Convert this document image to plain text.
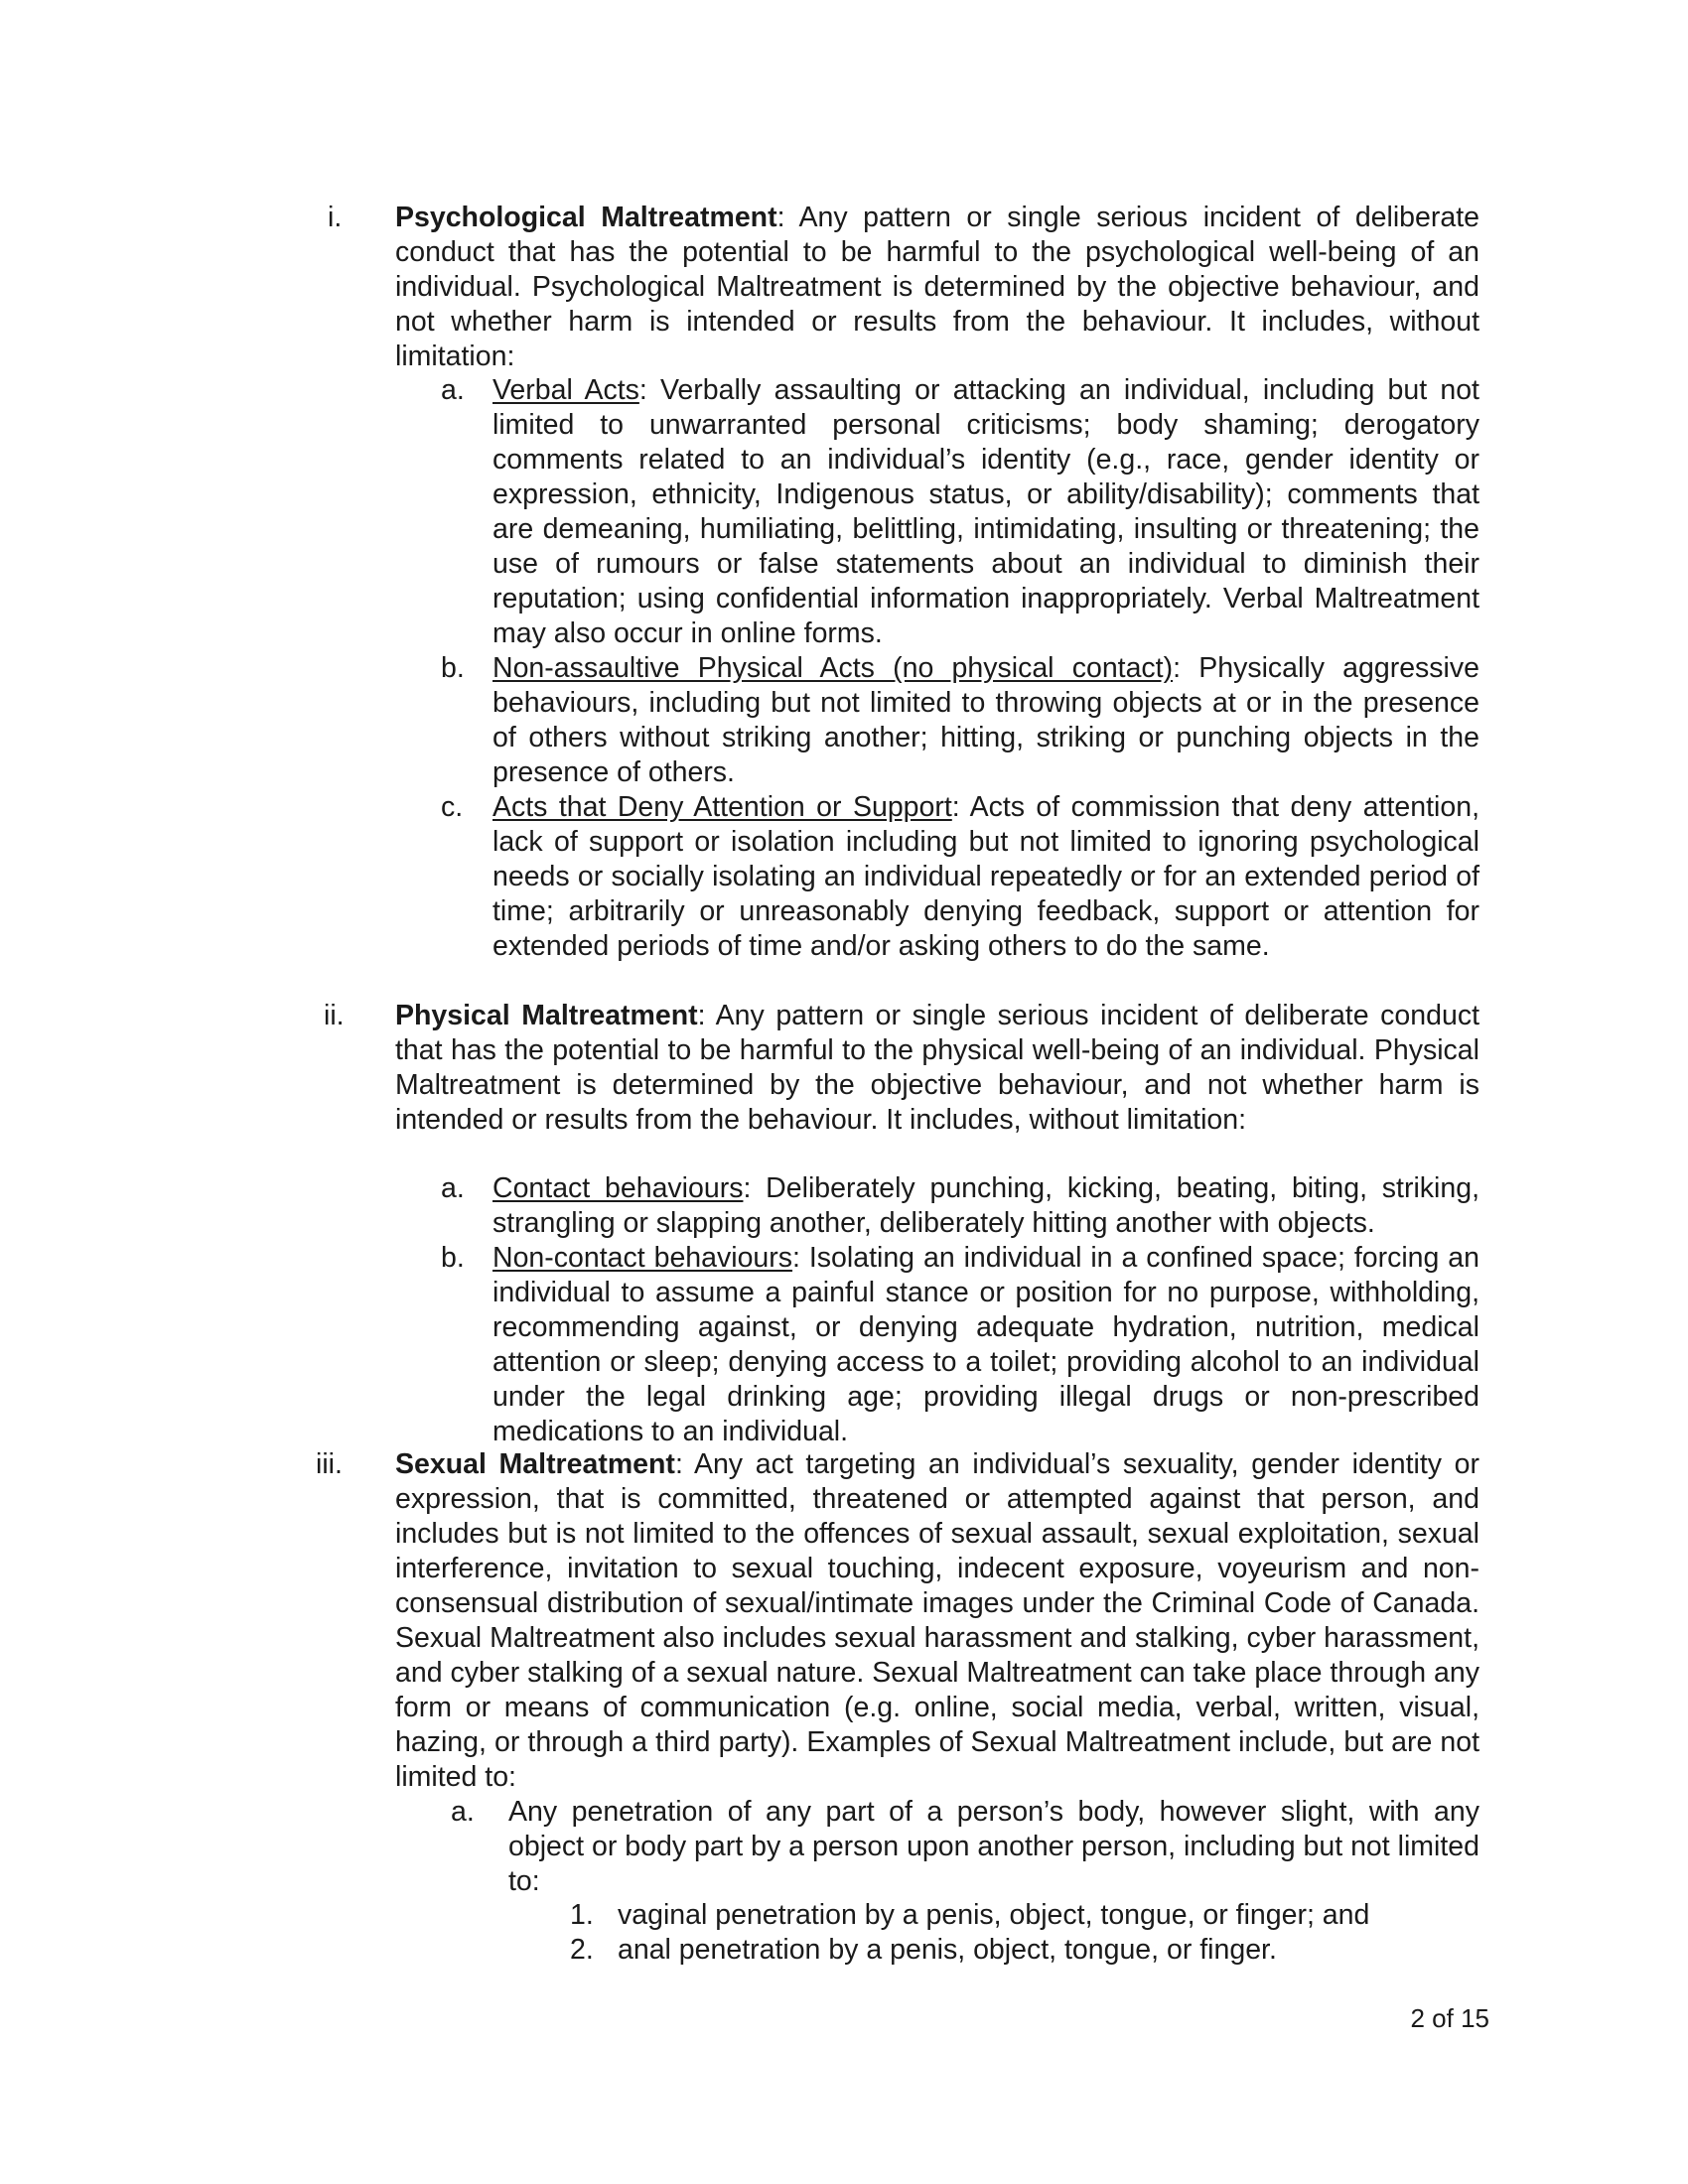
i. Psychological Maltreatment: Any pattern or single serious incident of deliberate conduct that has the potential to be harmful to the psychological well-being of an individual. Psychological Maltreatment is determined by the objective behaviour, and not whether harm is intended or results from the behaviour. It includes, without limitation:
a. Verbal Acts: Verbally assaulting or attacking an individual, including but not limited to unwarranted personal criticisms; body shaming; derogatory comments related to an individual’s identity (e.g., race, gender identity or expression, ethnicity, Indigenous status, or ability/disability); comments that are demeaning, humiliating, belittling, intimidating, insulting or threatening; the use of rumours or false statements about an individual to diminish their reputation; using confidential information inappropriately. Verbal Maltreatment may also occur in online forms.
b. Non-assaultive Physical Acts (no physical contact): Physically aggressive behaviours, including but not limited to throwing objects at or in the presence of others without striking another; hitting, striking or punching objects in the presence of others.
c. Acts that Deny Attention or Support: Acts of commission that deny attention, lack of support or isolation including but not limited to ignoring psychological needs or socially isolating an individual repeatedly or for an extended period of time; arbitrarily or unreasonably denying feedback, support or attention for extended periods of time and/or asking others to do the same.
ii. Physical Maltreatment: Any pattern or single serious incident of deliberate conduct that has the potential to be harmful to the physical well-being of an individual. Physical Maltreatment is determined by the objective behaviour, and not whether harm is intended or results from the behaviour. It includes, without limitation:
a. Contact behaviours: Deliberately punching, kicking, beating, biting, striking, strangling or slapping another, deliberately hitting another with objects.
b. Non-contact behaviours: Isolating an individual in a confined space; forcing an individual to assume a painful stance or position for no purpose, withholding, recommending against, or denying adequate hydration, nutrition, medical attention or sleep; denying access to a toilet; providing alcohol to an individual under the legal drinking age; providing illegal drugs or non-prescribed medications to an individual.
iii. Sexual Maltreatment: Any act targeting an individual’s sexuality, gender identity or expression, that is committed, threatened or attempted against that person, and includes but is not limited to the offences of sexual assault, sexual exploitation, sexual interference, invitation to sexual touching, indecent exposure, voyeurism and non-consensual distribution of sexual/intimate images under the Criminal Code of Canada. Sexual Maltreatment also includes sexual harassment and stalking, cyber harassment, and cyber stalking of a sexual nature. Sexual Maltreatment can take place through any form or means of communication (e.g. online, social media, verbal, written, visual, hazing, or through a third party). Examples of Sexual Maltreatment include, but are not limited to:
a. Any penetration of any part of a person’s body, however slight, with any object or body part by a person upon another person, including but not limited to:
1. vaginal penetration by a penis, object, tongue, or finger; and
2. anal penetration by a penis, object, tongue, or finger.
2 of 15
